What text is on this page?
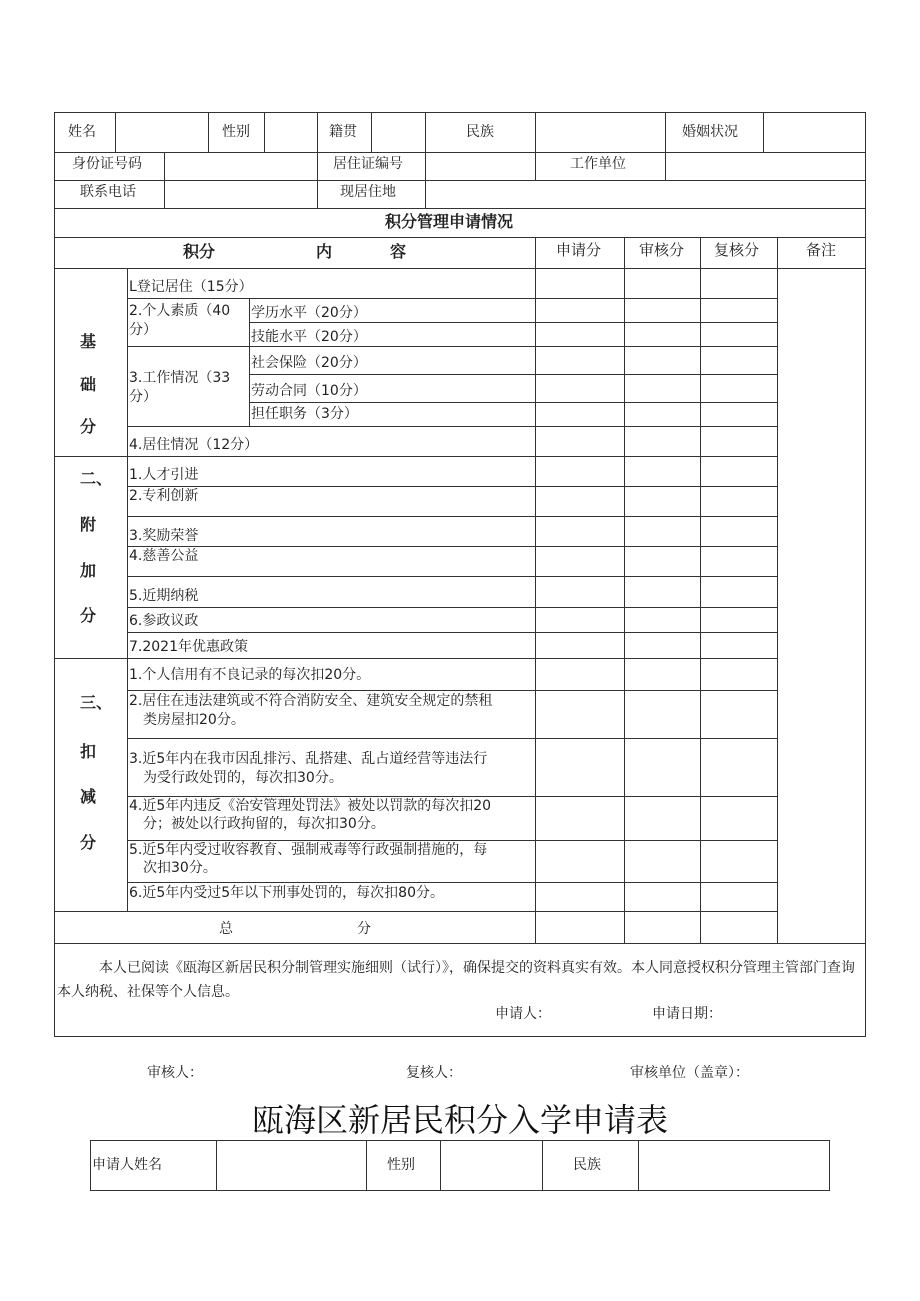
姓名	性别	籍贯	民族	婚姻状况
身份证号码	居住证编号	工作单位
联系电话	现居住地
积分管理申请情况
积分	内	容	申请分	审核分 复核分	备注
基
础
分
L登记居住（15分）
2.个人素质（40分）
学历水平（20分）
技能水平（20分）
3.工作情况（33分）
社会保险（20分）
劳动合同（10分）
担任职务（3分）
4.居住情况（12分）
二、
附
加
分
1.人才引进
2.专利创新
3.奖励荣誉
4.慈善公益
5.近期纳税
6.参政议政
7.2021年优惠政策
三、
扣
减
分
1.个人信用有不良记录的每次扣20分。
2.居住在违法建筑或不符合消防安全、建筑安全规定的禁租
类房屋扣20分。
3.近5年内在我市因乱排污、乱搭建、乱占道经营等违法行
为受行政处罚的，每次扣30分。
4.近5年内违反《治安管理处罚法》被处以罚款的每次扣20
分；被处以行政拘留的，每次扣30分。
5.近5年内受过收容教育、强制戒毒等行政强制措施的，每
次扣30分。
6.近5年内受过5年以下刑事处罚的，每次扣80分。
总	分
本人已阅读《瓯海区新居民积分制管理实施细则（试行）》，确保提交的资料真实有效。本人同意授权积分管理主管部门查询本人纳税、社保等个人信息。
申请人：	申请日期：
审核人：	复核人：	审核单位（盖章）：
瓯海区新居民积分入学申请表
申请人姓名	性别	民族
